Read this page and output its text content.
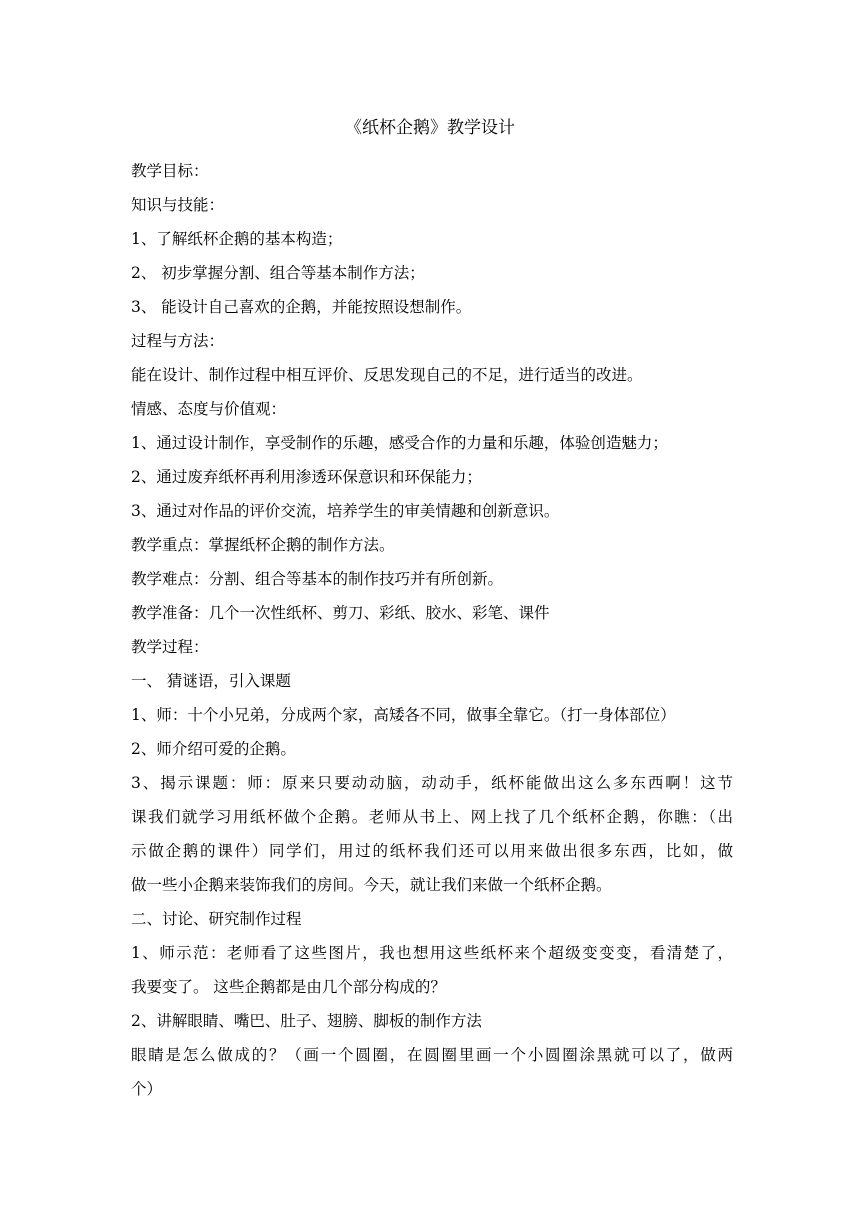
《纸杯企鹅》教学设计
教学目标：
知识与技能：
1、了解纸杯企鹅的基本构造；
2、 初步掌握分割、组合等基本制作方法；
3、 能设计自己喜欢的企鹅，并能按照设想制作。
过程与方法：
能在设计、制作过程中相互评价、反思发现自己的不足，进行适当的改进。
情感、态度与价值观：
1、通过设计制作，享受制作的乐趣，感受合作的力量和乐趣，体验创造魅力；
2、通过废弃纸杯再利用渗透环保意识和环保能力；
3、通过对作品的评价交流，培养学生的审美情趣和创新意识。
教学重点：掌握纸杯企鹅的制作方法。
教学难点：分割、组合等基本的制作技巧并有所创新。
教学准备：几个一次性纸杯、剪刀、彩纸、胶水、彩笔、课件
教学过程：
一、 猜谜语，引入课题
1、师：十个小兄弟，分成两个家，高矮各不同，做事全靠它。（打一身体部位）
2、师介绍可爱的企鹅。
3、揭示课题：师：原来只要动动脑，动动手，纸杯能做出这么多东西啊！这节
课我们就学习用纸杯做个企鹅。老师从书上、网上找了几个纸杯企鹅，你瞧：（出
示做企鹅的课件）同学们，用过的纸杯我们还可以用来做出很多东西，比如，做
做一些小企鹅来装饰我们的房间。今天，就让我们来做一个纸杯企鹅。
二、讨论、研究制作过程
1、师示范：老师看了这些图片，我也想用这些纸杯来个超级变变变，看清楚了，
我要变了。 这些企鹅都是由几个部分构成的？
2、讲解眼睛、嘴巴、肚子、翅膀、脚板的制作方法
眼睛是怎么做成的？（画一个圆圈，在圆圈里画一个小圆圈涂黑就可以了，做两
个）
